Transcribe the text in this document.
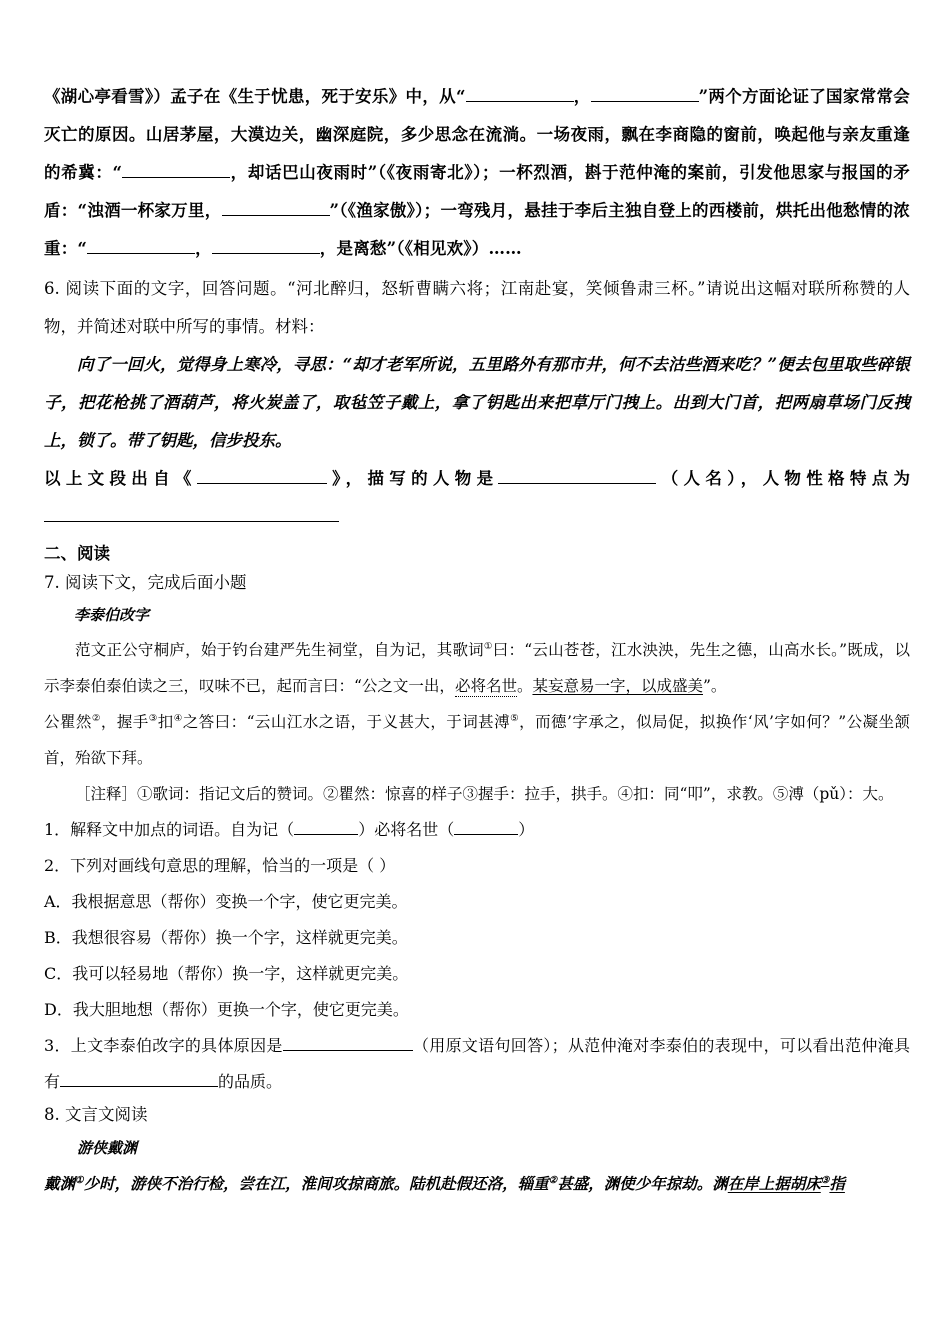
《湖心亭看雪》）孟子在《生于忧患，死于安乐》中，从“	，	”两个方面论证了国家常常会灭亡的原因。山居茅屋，大漠边关，幽深庭院，多少思念在流淌。一场夜雨，飘在李商隐的窗前，唤起他与亲友重逢的希冀：“	，却话巴山夜雨时”（《夜雨寄北》）；一杯烈酒，斟于范仲淹的案前，引发他思家与报国的矛盾：“浊酒一杯家万里，	”（《渔家傲》）；一弯残月，悬挂于李后主独自登上的西楼前，烘托出他愁情的浓重：“	，	，是离愁”（《相见欢》）……
6. 阅读下面的文字，回答问题。“河北醉归，怒斩曹瞒六将；江南赴宴，笑倾鲁肃三杯。”请说出这幅对联所称赞的人物，并简述对联中所写的事情。材料：
向了一回火，觉得身上寒冷，寻思：“却才老军所说，五里路外有那市井，何不去沽些酒来吃？”便去包里取些碎银子，把花枪挑了酒葫芦，将火炭盖了，取毡笠子戴上，拿了钥匙出来把草厅门拽上。出到大门首，把两扇草场门反拽上，锁了。带了钥匙，信步投东。
以上文段出自《	》，描写的人物是	（人名），人物性格特点为
二、阅读
7. 阅读下文，完成后面小题
李泰伯改字
范文正公守桐庐，始于钓台建严先生祠堂，自为记，其歌词①曰：“云山苍苍，江水泱泱，先生之德，山高水长。”既成，以示李泰伯泰伯读之三，叹味不已，起而言曰：“公之文一出，必将名世。某妄意易一字，以成盛美”。
公瞿然②，握手③扣④之答曰：“云山江水之语，于义甚大，于词甚溥⑤，而德’字承之，似局促，拟换作‘风’字如何？”公凝坐颔首，殆欲下拜。
［注释］①歌词：指记文后的赞词。②瞿然：惊喜的样子③握手：拉手，拱手。④扣：同“叩”，求教。⑤溥（pǔ）：大。
1．解释文中加点的词语。自为记（	）必将名世（	）
2．下列对画线句意思的理解，恰当的一项是（ ）
A．我根据意思（帮你）变换一个字，使它更完美。
B．我想很容易（帮你）换一个字，这样就更完美。
C．我可以轻易地（帮你）换一字，这样就更完美。
D．我大胆地想（帮你）更换一个字，使它更完美。
3．上文李泰伯改字的具体原因是	（用原文语句回答）；从范仲淹对李泰伯的表现中，可以看出范仲淹具有	的品质。
8. 文言文阅读
游侠戴渊
戴渊①少时，游侠不治行检，尝在江，淮间攻掠商旅。陆机赴假还洛，辎重②甚盛，渊使少年掠劫。渊在岸上据胡床③指
